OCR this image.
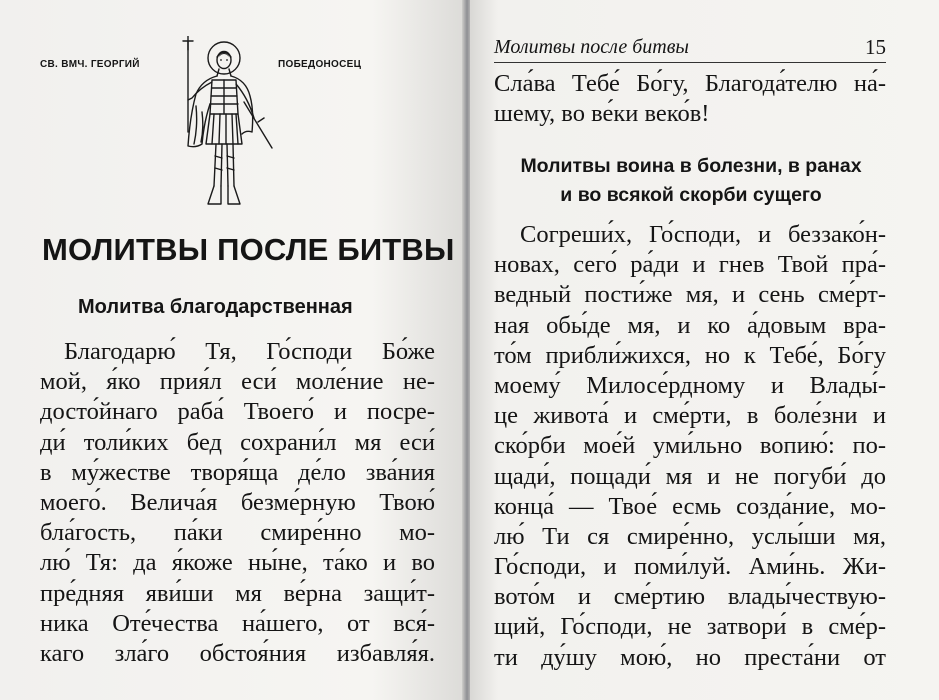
СВ. ВМЧ. ГЕОРГИЙ	ПОБЕДОНОСЕЦ
МОЛИТВЫ ПОСЛЕ БИТВЫ
Молитва благодарственная
Благодарю́ Тя, Го́споди Бо́же
мой, я́ко прия́л еси́ моле́ние не-
досто́йнаго раба́ Твоего́ и посре-
ди́ толи́ких бед сохрани́л мя еси́
в му́жестве творя́ща де́ло зва́ния
моего́. Велича́я безме́рную Твою́
бла́гость, па́ки смире́нно мо-
лю́ Тя: да я́коже ны́не, та́ко и во
пре́дняя яви́ши мя ве́рна защи́т-
ника Оте́чества на́шего, от вся́-
каго зла́го обстоя́ния избавля́я.
Молитвы после битвы	15
Сла́ва Тебе́ Бо́гу, Благода́телю на́-
шему, во ве́ки веко́в!
Молитвы воина в болезни, в ранах
и во всякой скорби сущего
Согреши́х, Го́споди, и беззако́н-
новах, сего́ ра́ди и гнев Твой пра́-
ведный пости́же мя, и сень сме́рт-
ная обы́де мя, и ко а́довым вра-
то́м прибли́жихся, но к Тебе́, Бо́гу
моему́ Милосе́рдному и Влады́-
це живота́ и сме́рти, в боле́зни и
ско́рби мое́й уми́льно вопию́: по-
щади́, пощади́ мя и не погуби́ до
конца́ — Твое́ есмь созда́ние, мо-
лю́ Ти ся смире́нно, услы́ши мя,
Го́споди, и поми́луй. Ами́нь. Жи-
вото́м и сме́ртию влады́чествую-
щий, Го́споди, не затвори́ в сме́р-
ти ду́шу мою́, но преста́ни от
